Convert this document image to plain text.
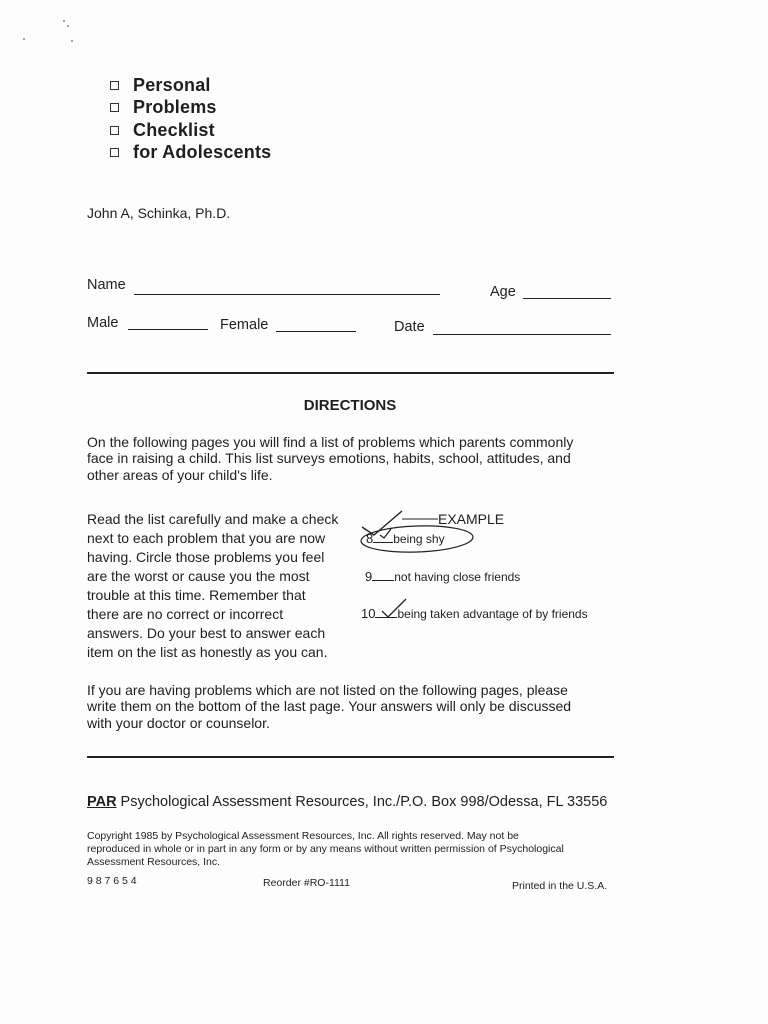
Personal
Problems
Checklist
for Adolescents
John A, Schinka, Ph.D.
Name	Age
Male	Female	Date
DIRECTIONS
On the following pages you will find a list of problems which parents commonly
face in raising a child. This list surveys emotions, habits, school, attitudes, and
other areas of your child's life.
Read the list carefully and make a check
next to each problem that you are now
having. Circle those problems you feel
are the worst or cause you the most
trouble at this time. Remember that
there are no correct or incorrect
answers. Do your best to answer each
item on the list as honestly as you can.
EXAMPLE
8 being shy
9 not having close friends
10 being taken advantage of by friends
If you are having problems which are not listed on the following pages, please
write them on the bottom of the last page. Your answers will only be discussed
with your doctor or counselor.
PAR Psychological Assessment Resources, Inc./P.O. Box 998/Odessa, FL 33556
Copyright 1985 by Psychological Assessment Resources, Inc. All rights reserved. May not be
reproduced in whole or in part in any form or by any means without written permission of Psychological
Assessment Resources, Inc.
9 8 7 6 5 4	Reorder #RO-1111	Printed in the U.S.A.
